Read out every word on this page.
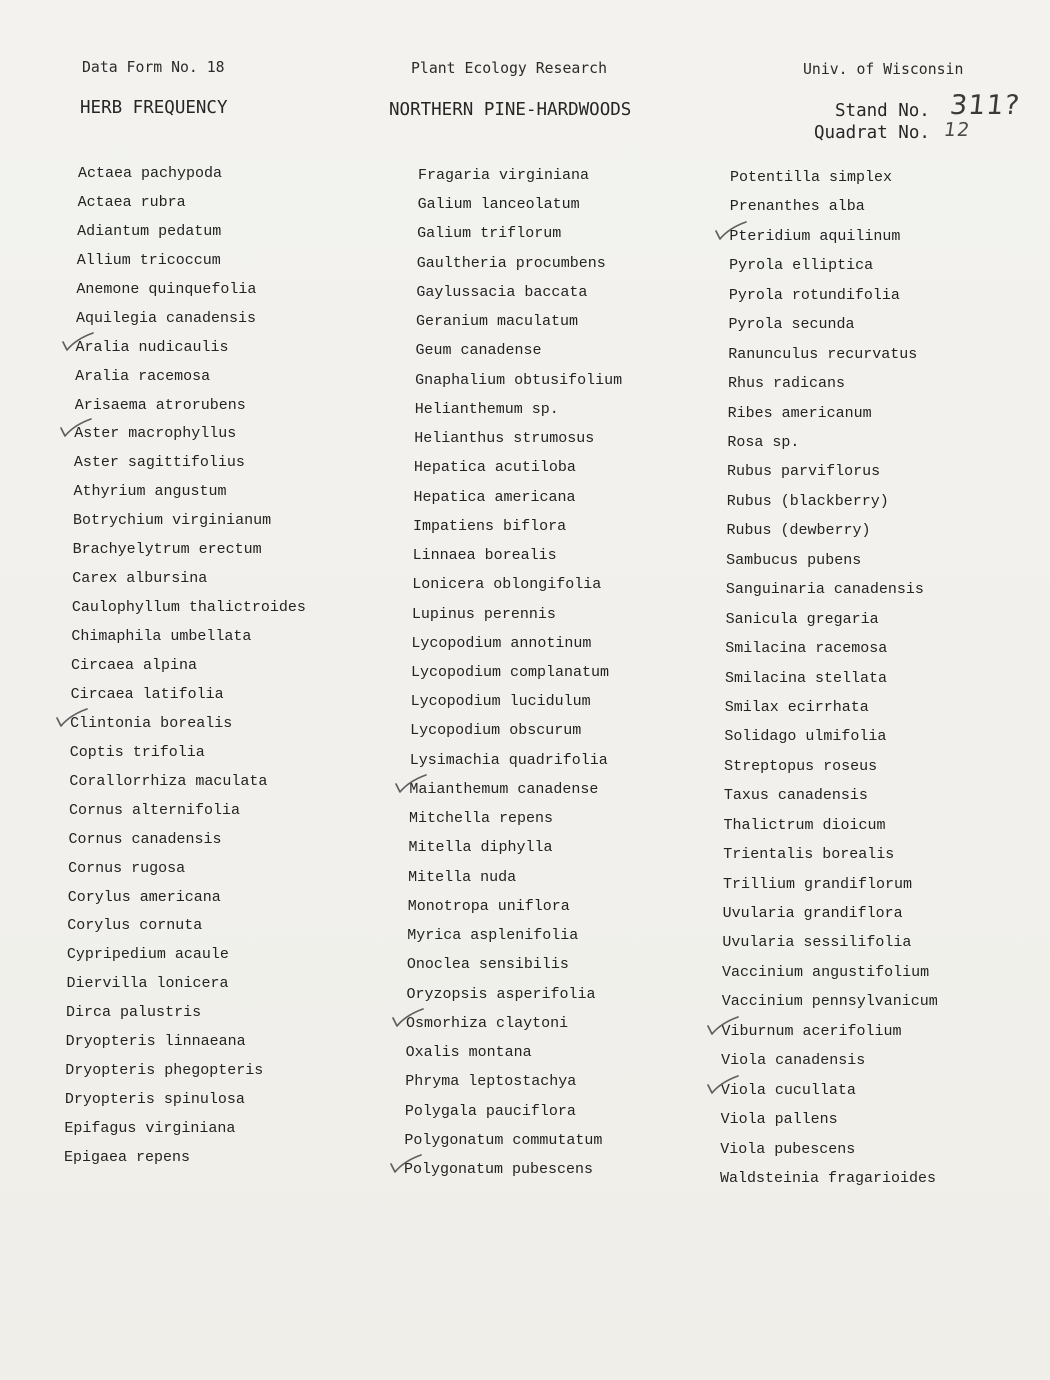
Data Form No. 18	Plant Ecology Research	Univ. of Wisconsin
HERB FREQUENCY	NORTHERN PINE-HARDWOODS	Stand No. 311?
Quadrat No. 12
Actaea pachypoda
Actaea rubra
Adiantum pedatum
Allium tricoccum
Anemone quinquefolia
Aquilegia canadensis
Aralia nudicaulis
Aralia racemosa
Arisaema atrorubens
Aster macrophyllus
Aster sagittifolius
Athyrium angustum
Botrychium virginianum
Brachyelytrum erectum
Carex albursina
Caulophyllum thalictroides
Chimaphila umbellata
Circaea alpina
Circaea latifolia
Clintonia borealis
Coptis trifolia
Corallorrhiza maculata
Cornus alternifolia
Cornus canadensis
Cornus rugosa
Corylus americana
Corylus cornuta
Cypripedium acaule
Diervilla lonicera
Dirca palustris
Dryopteris linnaeana
Dryopteris phegopteris
Dryopteris spinulosa
Epifagus virginiana
Epigaea repens
Fragaria virginiana
Galium lanceolatum
Galium triflorum
Gaultheria procumbens
Gaylussacia baccata
Geranium maculatum
Geum canadense
Gnaphalium obtusifolium
Helianthemum sp.
Helianthus strumosus
Hepatica acutiloba
Hepatica americana
Impatiens biflora
Linnaea borealis
Lonicera oblongifolia
Lupinus perennis
Lycopodium annotinum
Lycopodium complanatum
Lycopodium lucidulum
Lycopodium obscurum
Lysimachia quadrifolia
Maianthemum canadense
Mitchella repens
Mitella diphylla
Mitella nuda
Monotropa uniflora
Myrica asplenifolia
Onoclea sensibilis
Oryzopsis asperifolia
Osmorhiza claytoni
Oxalis montana
Phryma leptostachya
Polygala pauciflora
Polygonatum commutatum
Polygonatum pubescens
Potentilla simplex
Prenanthes alba
Pteridium aquilinum
Pyrola elliptica
Pyrola rotundifolia
Pyrola secunda
Ranunculus recurvatus
Rhus radicans
Ribes americanum
Rosa sp.
Rubus parviflorus
Rubus (blackberry)
Rubus (dewberry)
Sambucus pubens
Sanguinaria canadensis
Sanicula gregaria
Smilacina racemosa
Smilacina stellata
Smilax ecirrhata
Solidago ulmifolia
Streptopus roseus
Taxus canadensis
Thalictrum dioicum
Trientalis borealis
Trillium grandiflorum
Uvularia grandiflora
Uvularia sessilifolia
Vaccinium angustifolium
Vaccinium pennsylvanicum
Viburnum acerifolium
Viola canadensis
Viola cucullata
Viola pallens
Viola pubescens
Waldsteinia fragarioides
